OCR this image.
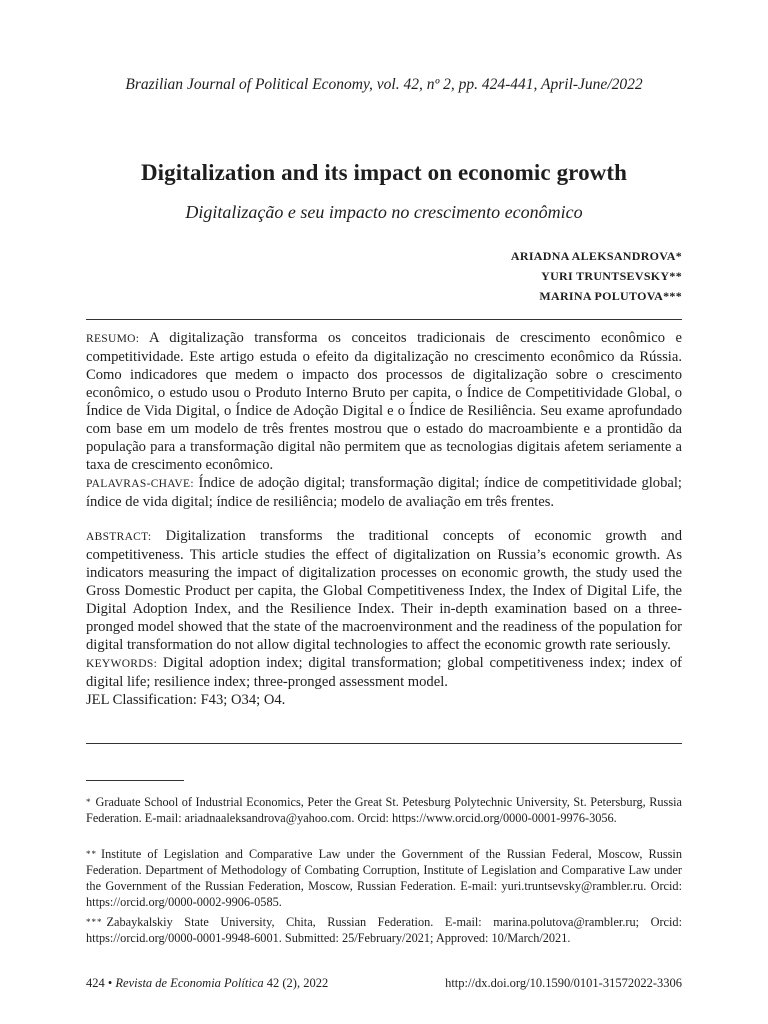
Brazilian Journal of Political Economy, vol. 42, nº 2, pp. 424-441, April-June/2022
Digitalization and its impact on economic growth
Digitalização e seu impacto no crescimento econômico
ARIADNA ALEKSANDROVA*
YURI TRUNTSEVSKY**
MARINA POLUTOVA***
RESUMO: A digitalização transforma os conceitos tradicionais de crescimento econômico e competitividade. Este artigo estuda o efeito da digitalização no crescimento econômico da Rússia. Como indicadores que medem o impacto dos processos de digitalização sobre o crescimento econômico, o estudo usou o Produto Interno Bruto per capita, o Índice de Competitividade Global, o Índice de Vida Digital, o Índice de Adoção Digital e o Índice de Resiliência. Seu exame aprofundado com base em um modelo de três frentes mostrou que o estado do macroambiente e a prontidão da população para a transformação digital não permitem que as tecnologias digitais afetem seriamente a taxa de crescimento econômico.
PALAVRAS-CHAVE: Índice de adoção digital; transformação digital; índice de competitividade global; índice de vida digital; índice de resiliência; modelo de avaliação em três frentes.
ABSTRACT: Digitalization transforms the traditional concepts of economic growth and competitiveness. This article studies the effect of digitalization on Russia’s economic growth. As indicators measuring the impact of digitalization processes on economic growth, the study used the Gross Domestic Product per capita, the Global Competitiveness Index, the Index of Digital Life, the Digital Adoption Index, and the Resilience Index. Their in-depth examination based on a three-pronged model showed that the state of the macroenvironment and the readiness of the population for digital transformation do not allow digital technologies to affect the economic growth rate seriously.
KEYWORDS: Digital adoption index; digital transformation; global competitiveness index; index of digital life; resilience index; three-pronged assessment model.
JEL Classification: F43; O34; O4.
* Graduate School of Industrial Economics, Peter the Great St. Petesburg Polytechnic University, St. Petersburg, Russia Federation. E-mail: ariadnaaleksandrova@yahoo.com. Orcid: https://www.orcid.org/0000-0001-9976-3056.
** Institute of Legislation and Comparative Law under the Government of the Russian Federal, Moscow, Russin Federation. Department of Methodology of Combating Corruption, Institute of Legislation and Comparative Law under the Government of the Russian Federation, Moscow, Russian Federation. E-mail: yuri.truntsevsky@rambler.ru. Orcid: https://orcid.org/0000-0002-9906-0585.
*** Zabaykalskiy State University, Chita, Russian Federation. E-mail: marina.polutova@rambler.ru; Orcid: https://orcid.org/0000-0001-9948-6001. Submitted: 25/February/2021; Approved: 10/March/2021.
424 • Revista de Economia Política 42 (2), 2022	http://dx.doi.org/10.1590/0101-31572022-3306
